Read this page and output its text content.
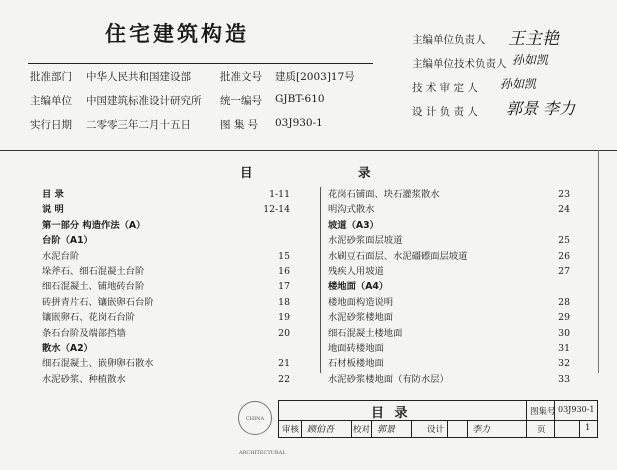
住宅建筑构造
批准部门 中华人民共和国建设部	批准文号 建质[2003]17号
主编单位 中国建筑标准设计研究所 统一编号 GJBT-610
实行日期 二零零三年二月十五日	图 集 号 03J930-1
主编单位负责人 王主艳
主编单位技术负责人 孙如凯
技 术 审 定 人 孙如凯
设 计 负 责 人 郭景 李力
目	录
目 录	1-11
说 明	12-14
第一部分 构造作法（A）
台阶（A1）
水泥台阶	15
垛斧石、细石混凝土台阶	16
细石混凝土、铺地砖台阶	17
砖拼青片石、镶嵌卵石台阶	18
镶嵌卵石、花岗石台阶	19
条石台阶及端部挡墙	20
散水（A2）
细石混凝土、嵌卵卵石散水	21
水泥砂浆、种植散水	22
花岗石铺面、块石灌浆散水	23
明沟式散水	24
坡道（A3）
水泥砂浆面层坡道	25
水刷豆石面层、水泥礓礤面层坡道	26
残疾人用坡道	27
楼地面（A4）
楼地面构造说明	28
水泥砂浆楼地面	29
细石混凝土楼地面	30
地面砖楼地面	31
石材板楼地面	32
水泥砂浆楼地面（有防水层）	33
CHINA ARCHITECTURAL
目 录	图集号 03J930-1
审核 顾伯吾 校对 郭景	设计	李力	页	1
